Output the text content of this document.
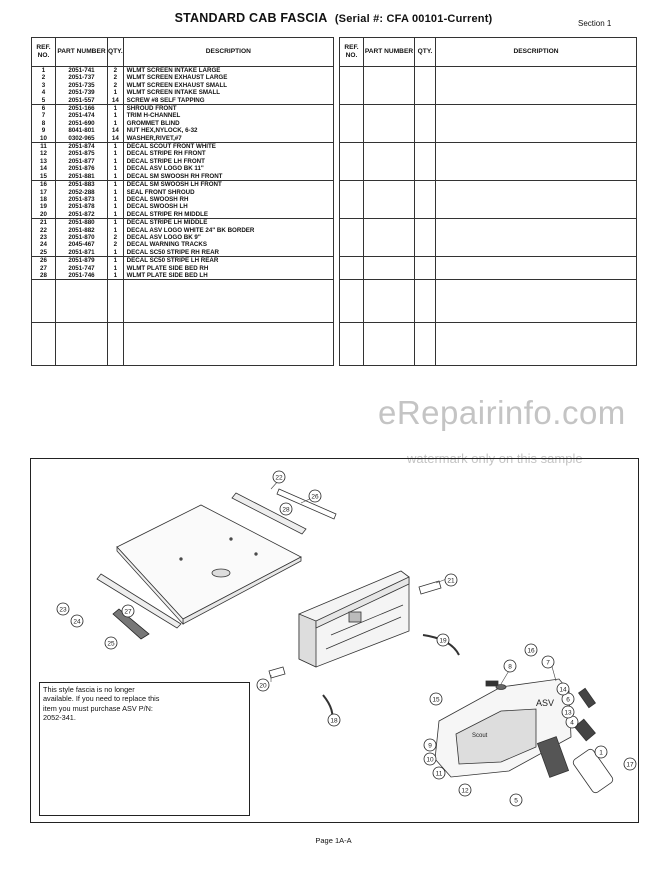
STANDARD CAB FASCIA (Serial #: CFA 00101-Current)	Section 1
REF. NO.	PART NUMBER	QTY.	DESCRIPTION
1	2051-741	2	WLMT SCREEN INTAKE LARGE
2	2051-737	2	WLMT SCREEN EXHAUST LARGE
3	2051-735	2	WLMT SCREEN EXHAUST SMALL
4	2051-739	1	WLMT SCREEN INTAKE SMALL
5	2051-557	14	SCREW #8 SELF TAPPING
6	2051-166	1	SHROUD FRONT
7	2051-474	1	TRIM H-CHANNEL
8	2051-690	1	GROMMET BLIND
9	8041-801	14	NUT HEX,NYLOCK, 6-32
10	0302-965	14	WASHER,RIVET,#7
11	2051-874	1	DECAL SCOUT FRONT WHITE
12	2051-875	1	DECAL STRIPE RH FRONT
13	2051-877	1	DECAL STRIPE LH FRONT
14	2051-876	1	DECAL ASV LOGO BK 11"
15	2051-881	1	DECAL SM SWOOSH RH FRONT
16	2051-883	1	DECAL SM SWOOSH LH FRONT
17	2052-288	1	SEAL FRONT SHROUD
18	2051-873	1	DECAL SWOOSH RH
19	2051-878	1	DECAL SWOOSH LH
20	2051-872	1	DECAL STRIPE RH MIDDLE
21	2051-880	1	DECAL STRIPE LH MIDDLE
22	2051-882	1	DECAL ASV LOGO WHITE 24" BK BORDER
23	2051-870	2	DECAL ASV LOGO BK 9"
24	2045-467	2	DECAL WARNING TRACKS
25	2051-871	1	DECAL SC50 STRIPE RH REAR
26	2051-879	1	DECAL SC50 STRIPE LH REAR
27	2051-747	1	WLMT PLATE SIDE BED RH
28	2051-746	1	WLMT PLATE SIDE BED LH

REF. NO.	PART NUMBER	QTY.	DESCRIPTION

eRepairinfo.com
watermark only on this sample
ASV
Scout
1
4
5
6
7
8
9
10
11
12
13
14
15
16
17
18
19
20
21
22
23
24
25
26
27
28
This style fascia is no longer available. If you need to replace this item you must purchase ASV P/N: 2052-341.
Page 1A-A
